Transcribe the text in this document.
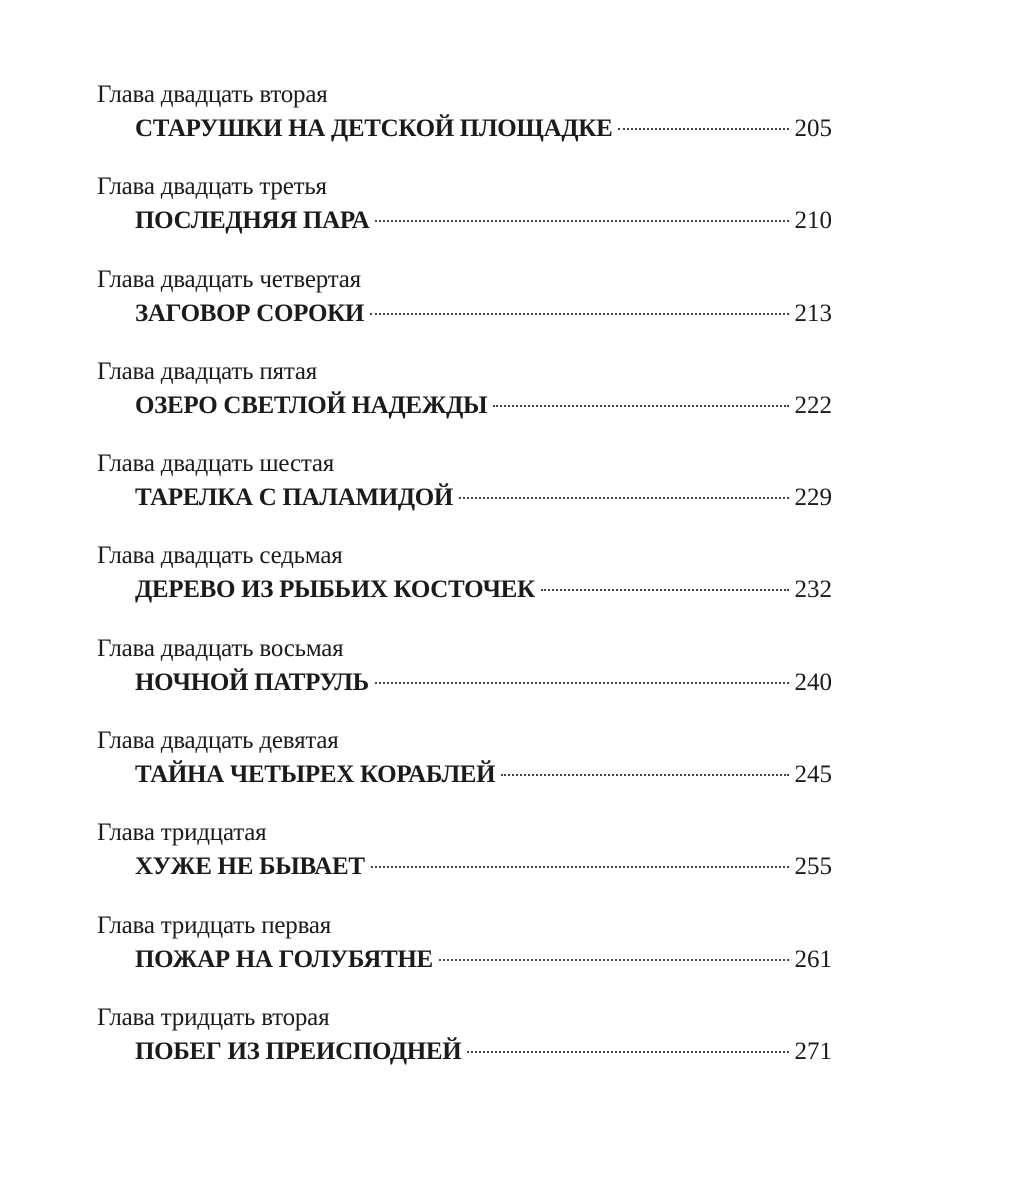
Глава двадцать вторая
СТАРУШКИ НА ДЕТСКОЙ ПЛОЩАДКЕ	205
Глава двадцать третья
ПОСЛЕДНЯЯ ПАРА	210
Глава двадцать четвертая
ЗАГОВОР СОРОКИ	213
Глава двадцать пятая
ОЗЕРО СВЕТЛОЙ НАДЕЖДЫ	222
Глава двадцать шестая
ТАРЕЛКА С ПАЛАМИДОЙ	229
Глава двадцать седьмая
ДЕРЕВО ИЗ РЫБЬИХ КОСТОЧЕК	232
Глава двадцать восьмая
НОЧНОЙ ПАТРУЛЬ	240
Глава двадцать девятая
ТАЙНА ЧЕТЫРЕХ КОРАБЛЕЙ	245
Глава тридцатая
ХУЖЕ НЕ БЫВАЕТ	255
Глава тридцать первая
ПОЖАР НА ГОЛУБЯТНЕ	261
Глава тридцать вторая
ПОБЕГ ИЗ ПРЕИСПОДНЕЙ	271
